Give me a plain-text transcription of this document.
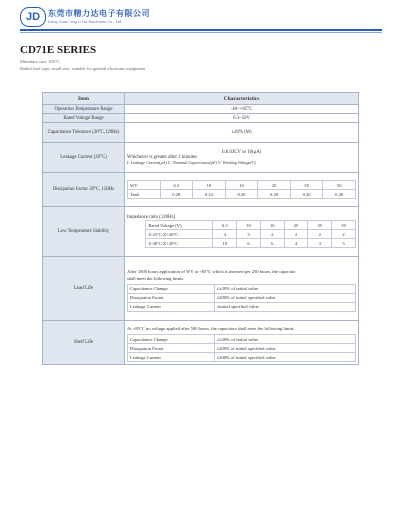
JD 东莞市精力达电子有限公司
Dong Guan Jing Li Da Electronic Co., Ltd.
CD71E SERIES
Miniature size, 105°C
Radial lead type, small size, suitable for general electronic equipment
Item	Characteristics
Operation Temperature Range	-40~+85°C
Rated Voltage Range	6.3~50V
Capacitance Tolerance (20°C,120Hz)	±20% (M)
Leakage Current (20°C)	
I≤0.03CV or 10(μA)
Whichever is greater after 1 minutes
I: Leakage Current(μA) C: Nominal Capacitance(μF) V: Working Voltage(V)

Dissipation Factor 20°C, 120Hz	
WV	6.3	10	16	25	35	50
Tanδ	0.28	0.24	0.20	0.20	0.20	0.20

Low Temperature Stability	
Impedance ratio (120Hz)
Rated Voltage (V)	6.3	10	16	25	35	50
Z-25°C/Z+20°C	4	3	2	2	2	2
Z-40°C/Z+20°C	10	6	6	4	3	3

Load Life	
After 1000 hours application of WV at +85°C which is inserted per 250 hours, the capacitor
shall meet the following limits.
Capacitance Change	≤±20% of initial value
Dissipation Factor	≤200% of initial specified value
Leakage Current	≤initial specified value

Shelf Life	
At +85°C no voltage applied after 500 hours, the capacitors shall meet the following limits
Capacitance Change	≤±20% of initial value
Dissipation Factor	≤200% of initial specified value
Leakage Current	≤200% of initial specified value
